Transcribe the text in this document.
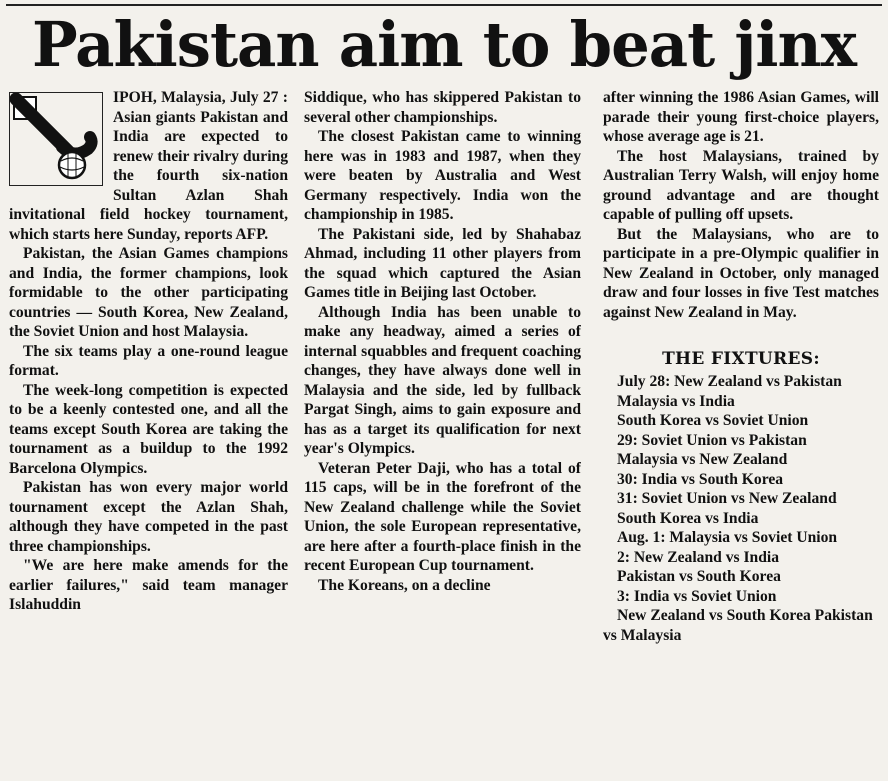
Pakistan aim to beat jinx

IPOH, Malaysia, July 27 : Asian giants Pakistan and India are expected to renew their rivalry during the fourth six-nation Sultan Azlan Shah invitational field hockey tournament, which starts here Sunday, reports AFP.

Pakistan, the Asian Games champions and India, the former champions, look formidable to the other participating countries — South Korea, New Zealand, the Soviet Union and host Malaysia.

The six teams play a one-round league format.

The week-long competition is expected to be a keenly contested one, and all the teams except South Korea are taking the tournament as a buildup to the 1992 Barcelona Olympics.

Pakistan has won every major world tournament except the Azlan Shah, although they have competed in the past three championships.

"We are here make amends for the earlier failures," said team manager Islahuddin

Siddique, who has skippered Pakistan to several other championships.

The closest Pakistan came to winning here was in 1983 and 1987, when they were beaten by Australia and West Germany respectively. India won the championship in 1985.

The Pakistani side, led by Shahabaz Ahmad, including 11 other players from the squad which captured the Asian Games title in Beijing last October.

Although India has been unable to make any headway, aimed a series of internal squabbles and frequent coaching changes, they have always done well in Malaysia and the side, led by fullback Pargat Singh, aims to gain exposure and has as a target its qualification for next year's Olympics.

Veteran Peter Daji, who has a total of 115 caps, will be in the forefront of the New Zealand challenge while the Soviet Union, the sole European representative, are here after a fourth-place finish in the recent European Cup tournament.

The Koreans, on a decline

after winning the 1986 Asian Games, will parade their young first-choice players, whose average age is 21.

The host Malaysians, trained by Australian Terry Walsh, will enjoy home ground advantage and are thought capable of pulling off upsets.

But the Malaysians, who are to participate in a pre-Olympic qualifier in New Zealand in October, only managed draw and four losses in five Test matches against New Zealand in May.

THE FIXTURES:

July 28: New Zealand vs Pakistan

Malaysia vs India

South Korea vs Soviet Union

29: Soviet Union vs Pakistan

Malaysia vs New Zealand

30: India vs South Korea

31: Soviet Union vs New Zealand

South Korea vs India

Aug. 1: Malaysia vs Soviet Union

2: New Zealand vs India

Pakistan vs South Korea

3: India vs Soviet Union

New Zealand vs South Korea Pakistan vs Malaysia
